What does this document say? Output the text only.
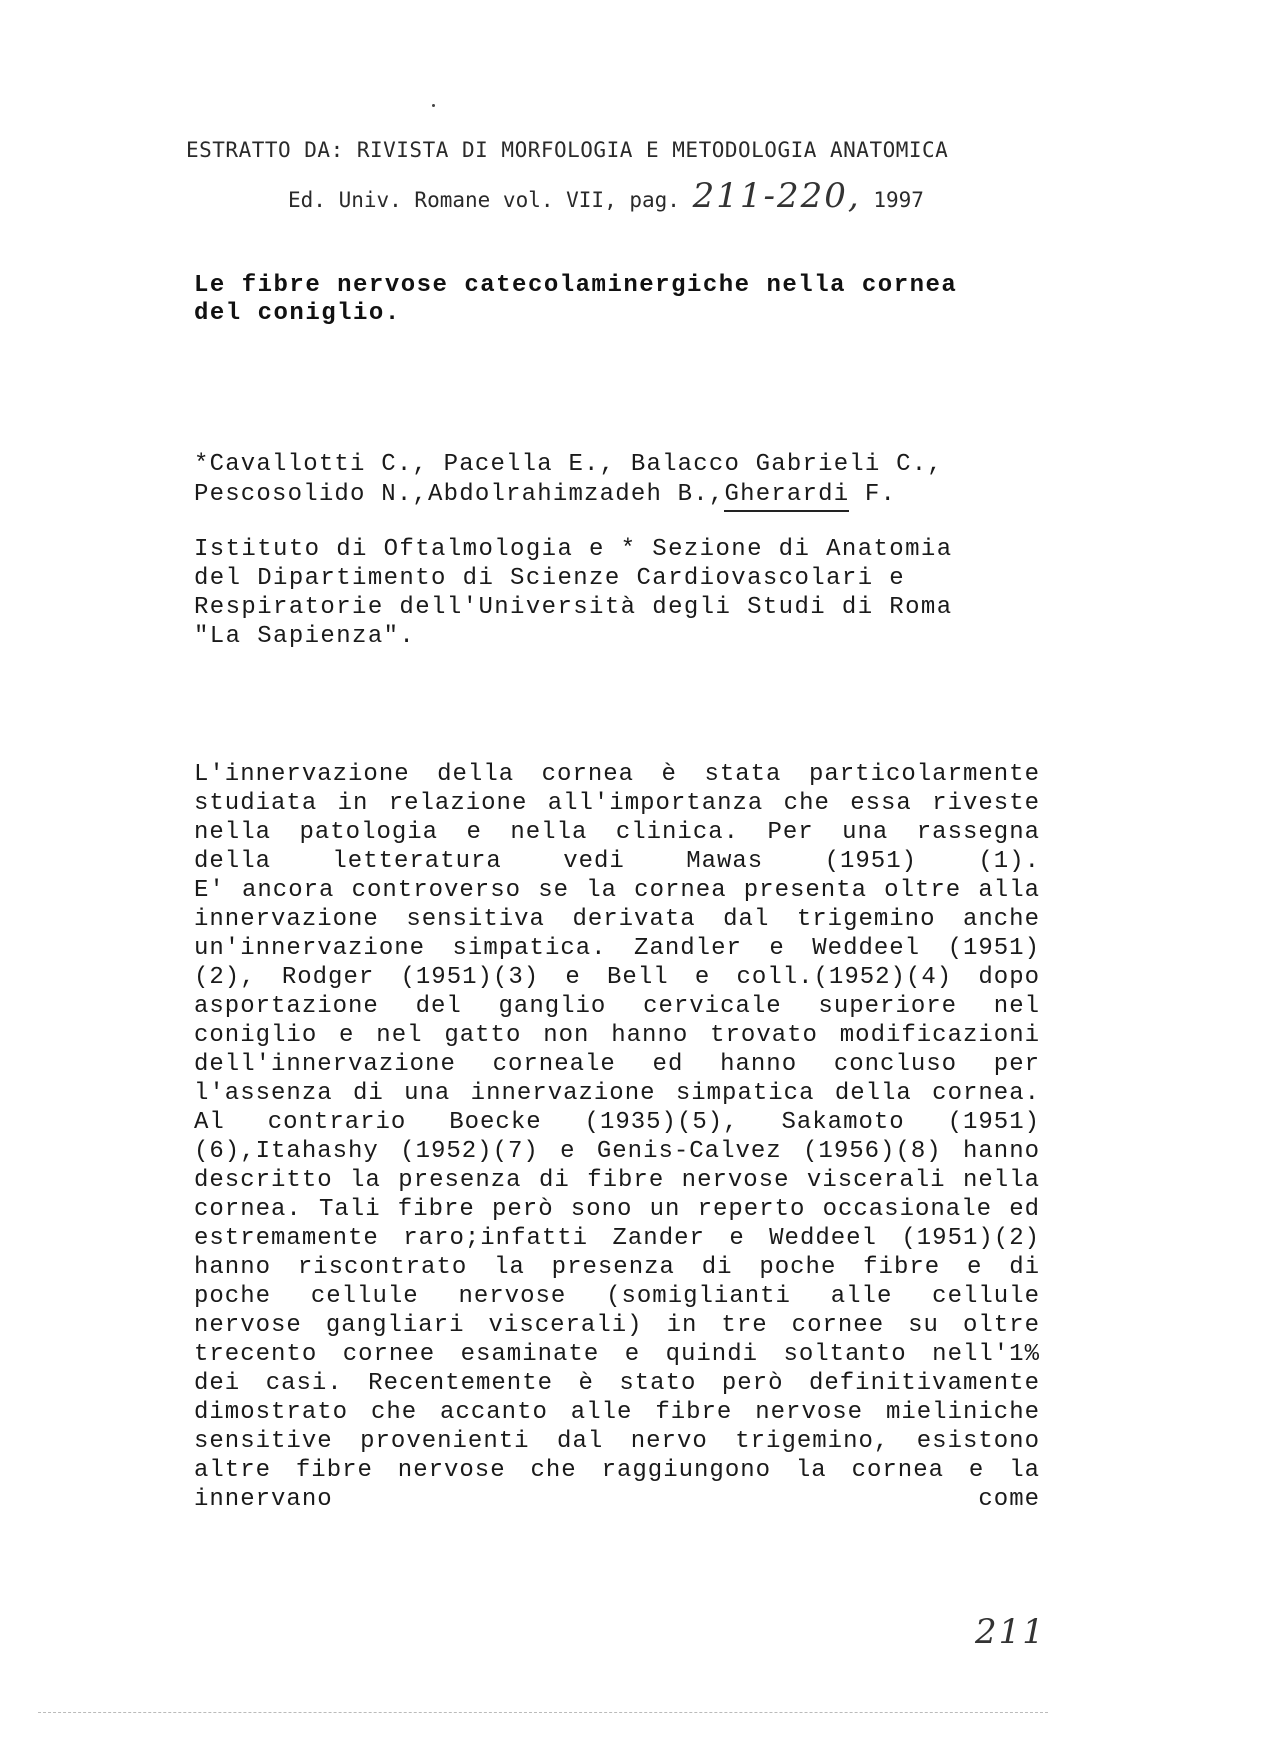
ESTRATTO DA: RIVISTA DI MORFOLOGIA E METODOLOGIA ANATOMICA
Ed. Univ. Romane vol. VII, pag. 211-220, 1997
Le fibre nervose catecolaminergiche nella cornea
del coniglio.
*Cavallotti C., Pacella E., Balacco Gabrieli C.,
Pescosolido N.,Abdolrahimzadeh B.,Gherardi F.
Istituto di Oftalmologia e * Sezione di Anatomia
del Dipartimento di Scienze Cardiovascolari e
Respiratorie dell'Università degli Studi di Roma
"La Sapienza".

L'innervazione della cornea è stata particolarmente studiata in relazione all'importanza che essa riveste nella patologia e nella clinica. Per una rassegna della letteratura vedi Mawas (1951) (1).

E' ancora controverso se la cornea presenta oltre alla innervazione sensitiva derivata dal trigemino anche un'innervazione simpatica. Zandler e Weddeel (1951)(2), Rodger (1951)(3) e Bell e coll.(1952)(4) dopo asportazione del ganglio cervicale superiore nel coniglio e nel gatto non hanno trovato modificazioni dell'innervazione corneale ed hanno concluso per l'assenza di una innervazione simpatica della cornea. Al contrario Boecke (1935)(5), Sakamoto (1951)(6),Itahashy (1952)(7) e Genis-Calvez (1956)(8) hanno descritto la presenza di fibre nervose viscerali nella cornea. Tali fibre però sono un reperto occasionale ed estremamente raro;infatti Zander e Weddeel (1951)(2) hanno riscontrato la presenza di poche fibre e di poche cellule nervose (somiglianti alle cellule nervose gangliari viscerali) in tre cornee su oltre trecento cornee esaminate e quindi soltanto nell'1% dei casi. Recentemente è stato però definitivamente dimostrato che accanto alle fibre nervose mieliniche sensitive provenienti dal nervo trigemino, esistono altre fibre nervose che raggiungono la cornea e la innervano come

211
